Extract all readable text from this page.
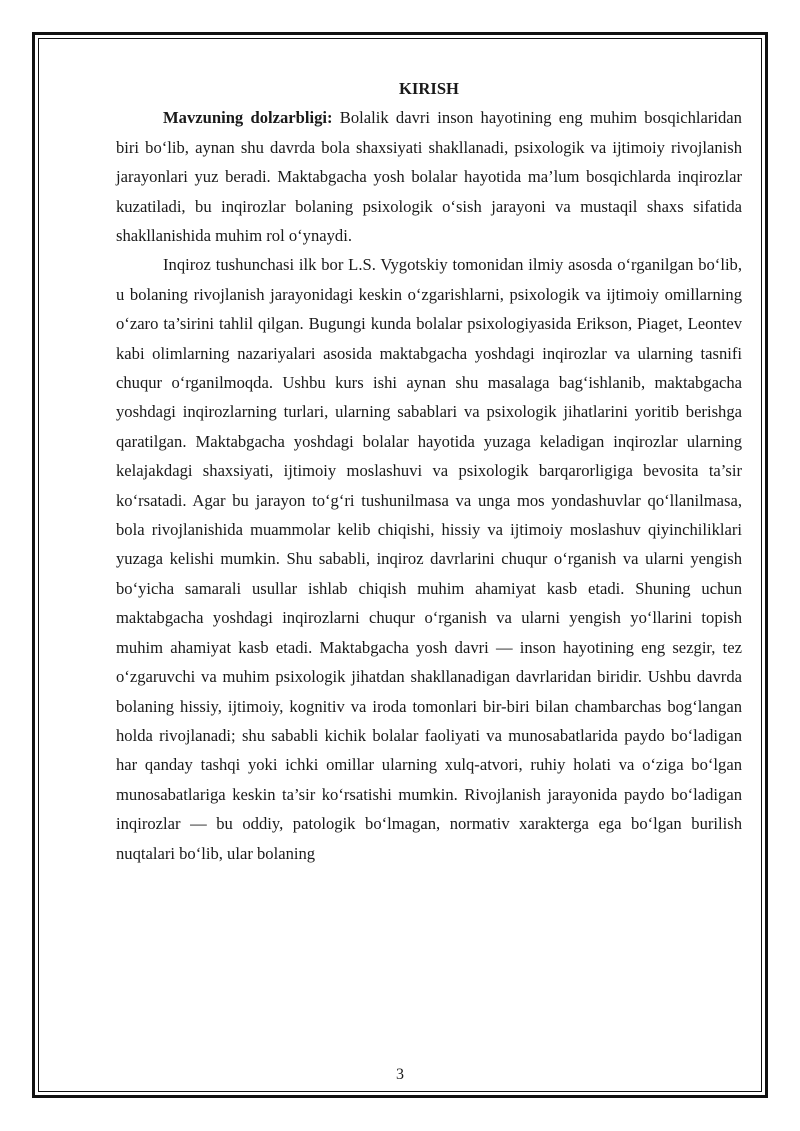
KIRISH

Mavzuning dolzarbligi: Bolalik davri inson hayotining eng muhim bosqichlaridan biri bo‘lib, aynan shu davrda bola shaxsiyati shakllanadi, psixologik va ijtimoiy rivojlanish jarayonlari yuz beradi. Maktabgacha yosh bolalar hayotida ma’lum bosqichlarda inqirozlar kuzatiladi, bu inqirozlar bolaning psixologik o‘sish jarayoni va mustaqil shaxs sifatida shakllanishida muhim rol o‘ynaydi.

Inqiroz tushunchasi ilk bor L.S. Vygotskiy tomonidan ilmiy asosda o‘rganilgan bo‘lib, u bolaning rivojlanish jarayonidagi keskin o‘zgarishlarni, psixologik va ijtimoiy omillarning o‘zaro ta’sirini tahlil qilgan. Bugungi kunda bolalar psixologiyasida Erikson, Piaget, Leontev kabi olimlarning nazariyalari asosida maktabgacha yoshdagi inqirozlar va ularning tasnifi chuqur o‘rganilmoqda. Ushbu kurs ishi aynan shu masalaga bag‘ishlanib, maktabgacha yoshdagi inqirozlarning turlari, ularning sabablari va psixologik jihatlarini yoritib berishga qaratilgan. Maktabgacha yoshdagi bolalar hayotida yuzaga keladigan inqirozlar ularning kelajakdagi shaxsiyati, ijtimoiy moslashuvi va psixologik barqarorligiga bevosita ta’sir ko‘rsatadi. Agar bu jarayon to‘g‘ri tushunilmasa va unga mos yondashuvlar qo‘llanilmasa, bola rivojlanishida muammolar kelib chiqishi, hissiy va ijtimoiy moslashuv qiyinchiliklari yuzaga kelishi mumkin. Shu sababli, inqiroz davrlarini chuqur o‘rganish va ularni yengish bo‘yicha samarali usullar ishlab chiqish muhim ahamiyat kasb etadi. Shuning uchun maktabgacha yoshdagi inqirozlarni chuqur o‘rganish va ularni yengish yo‘llarini topish muhim ahamiyat kasb etadi. Maktabgacha yosh davri — inson hayotining eng sezgir, tez o‘zgaruvchi va muhim psixologik jihatdan shakllanadigan davrlaridan biridir. Ushbu davrda bolaning hissiy, ijtimoiy, kognitiv va iroda tomonlari bir-biri bilan chambarchas bog‘langan holda rivojlanadi; shu sababli kichik bolalar faoliyati va munosabatlarida paydo bo‘ladigan har qanday tashqi yoki ichki omillar ularning xulq-atvori, ruhiy holati va o‘ziga bo‘lgan munosabatlariga keskin ta’sir ko‘rsatishi mumkin. Rivojlanish jarayonida paydo bo‘ladigan inqirozlar — bu oddiy, patologik bo‘lmagan, normativ xarakterga ega bo‘lgan burilish nuqtalari bo‘lib, ular bolaning

3
